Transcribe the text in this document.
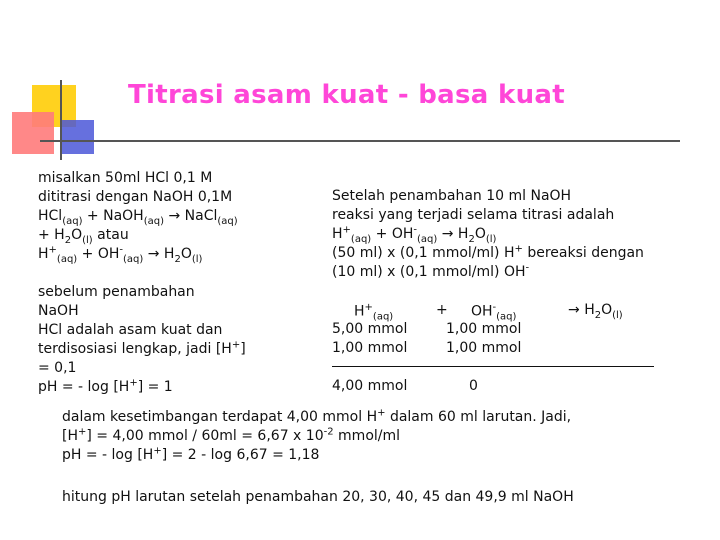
Titrasi asam kuat - basa kuat
misalkan 50ml HCl 0,1 M
dititrasi dengan NaOH 0,1M
HCl$_{(aq)}$ + NaOH$_{(aq)}$ → NaCl$_{(aq)}$
+ $H_2O_{(l)}$ atau
$H^+_{(aq)} + OH^-_{(aq)} \to H_2O_{(l)}$
sebelum penambahan
NaOH
HCl adalah asam kuat dan
terdisosiasi lengkap, jadi [H+]
= 0,1
pH = - log [H+] = 1
Setelah penambahan 10 ml NaOH
reaksi yang terjadi selama titrasi adalah
$H^+_{(aq)} + OH^-_{(aq)} \to H_2O_{(l)}$
(50 ml) x (0,1 mmol/ml) H+ bereaksi dengan
(10 ml) x (0,1 mmol/ml) OH-
$H^+_{(aq)}$	+ $OH^-_{(aq)}$	→ $H_2O_{(l)}$
5,00 mmol	1,00 mmol
1,00 mmol	1,00 mmol
4,00 mmol	0
dalam kesetimbangan terdapat 4,00 mmol H+ dalam 60 ml larutan. Jadi,
[H+] = 4,00 mmol / 60ml = 6,67 x $10^{-2}$ mmol/ml
pH = - log [H+] = 2 - log 6,67 = 1,18
hitung pH larutan setelah penambahan 20, 30, 40, 45 dan 49,9 ml NaOH
